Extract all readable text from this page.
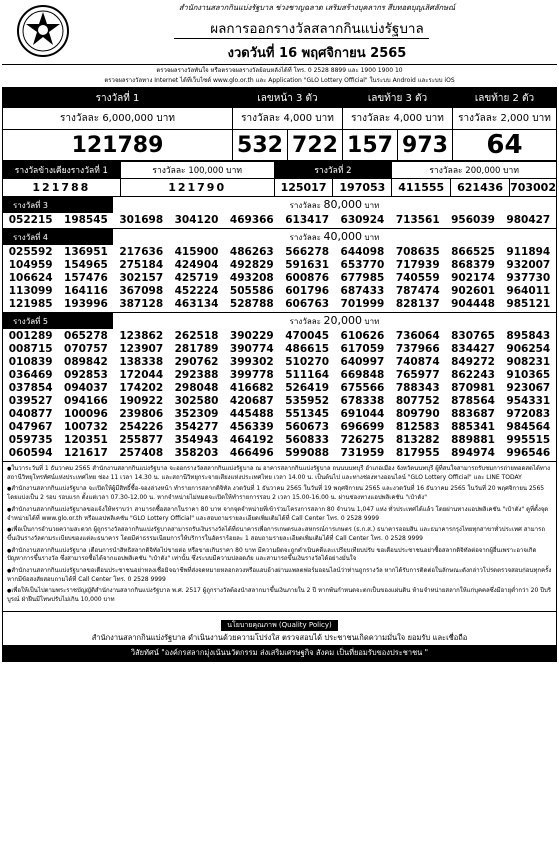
สำนักงานสลากกินแบ่งรัฐบาล ช่วงชาญฉลาด เสริมสร้างบุคลากร สืบทอดบุญเลิศลักษณ์
ผลการออกรางวัลสลากกินแบ่งรัฐบาล
งวดวันที่ 16 พฤศจิกายน 2565
ตรวจผลรางวัลทันใจ หรือตรวจผลรางวัลย้อนหลังได้ที่ โทร. 0 2528 8899 และ 1900 1900 10
ตรวจผลรางวัลทาง Internet ได้ที่เว็บไซต์ www.glo.or.th และ Application "GLO Lottery Official" ในระบบ Android และระบบ iOS
รางวัลที่ 1	เลขหน้า 3 ตัว		เลขท้าย 3 ตัว		เลขท้าย 2 ตัว
รางวัลละ 6,000,000 บาท	รางวัลละ 4,000 บาท		รางวัลละ 4,000 บาท		รางวัลละ 2,000 บาท
121789	532	722	157	973	64
รางวัลข้างเคียงรางวัลที่ 1	รางวัลละ 100,000 บาท	รางวัลที่ 2		รางวัลละ 200,000 บาท		
121788	121790	125017	197053	411555	621436	703002
รางวัลที่ 3	รางวัลละ 80,000 บาท
052215	198545	301698	304120	469366	613417	630924	713561	956039	980427
รางวัลที่ 4	รางวัลละ 40,000 บาท
025592	136951	217636	415900	486263	566278	644098	708635	866525	911894
104959	154965	275184	424904	492829	591631	653770	717939	868379	932007
106624	157476	302157	425719	493208	600876	677985	740559	902174	937730
113099	164116	367098	452224	505586	601796	687433	787474	902601	964011
121985	193996	387128	463134	528788	606763	701999	828137	904448	985121
รางวัลที่ 5	รางวัลละ 20,000 บาท
001289	065278	123862	262518	390229	470045	610626	736064	830765	895843
008715	070757	123907	281789	390774	486615	617059	737966	834427	906254
010839	089842	138338	290762	399302	510270	640997	740874	849272	908231
036469	092853	172044	292388	399778	511164	669848	765977	862243	910365
037854	094037	174202	298048	416682	526419	675566	788343	870981	923067
039527	094166	190922	302580	420687	535952	678338	807752	878564	954331
040877	100096	239806	352309	445488	551345	691044	809790	883687	972083
047967	100732	254226	354277	456339	560673	696699	812583	885341	984564
059735	120351	255877	354943	464192	560833	726275	813282	889881	995515
060594	121617	257408	358203	466496	599088	731959	817955	894974	996546

● ในวาระวันที่ 1 ธันวาคม 2565 สำนักงานสลากกินแบ่งรัฐบาล จะออกรางวัลสลากกินแบ่งรัฐบาล ณ อาคารสลากกินแบ่งรัฐบาล ถนนนนทบุรี อำเภอเมือง จังหวัดนนทบุรี ผู้ที่สนใจสามารถรับชมการถ่ายทอดสดได้ทางสถานีวิทยุโทรทัศน์แห่งประเทศไทย ช่อง 11 เวลา 14.30 น. และสถานีวิทยุกระจายเสียงแห่งประเทศไทย เวลา 14.00 น. เป็นต้นไป และทางช่องทางออนไลน์ "GLO Lottery Official" และ LINE TODAY

● สำนักงานสลากกินแบ่งรัฐบาล จะเปิดให้ผู้มีสิทธิ์ซื้อ-จองล่วงหน้า ทำรายการสลากดิจิทัล งวดวันที่ 1 ธันวาคม 2565 ในวันที่ 19 พฤศจิกายน 2565 และงวดวันที่ 16 ธันวาคม 2565 ในวันที่ 20 พฤศจิกายน 2565 โดยแบ่งเป็น 2 รอบ รอบแรก ตั้งแต่เวลา 07.30-12.00 น. หากจำหน่ายไม่หมดจะเปิดให้ทำรายการรอบ 2 เวลา 15.00-16.00 น. ผ่านช่องทางแอปพลิเคชัน "เป๋าตัง"

● สำนักงานสลากกินแบ่งรัฐบาลขอแจ้งให้ทราบว่า สามารถซื้อสลากในราคา 80 บาท จากจุดจำหน่ายที่เข้าร่วมโครงการสลาก 80 จำนวน 1,047 แห่ง ทั่วประเทศได้แล้ว โดยผ่านทางแอปพลิเคชัน "เป๋าตัง" ดูที่ตั้งจุดจำหน่ายได้ที่ www.glo.or.th หรือแอปพลิเคชัน "GLO Lottery Official" และสอบถามรายละเอียดเพิ่มเติมได้ที่ Call Center โทร. 0 2528 9999

● เพื่อเป็นการอำนวยความสะดวก ผู้ถูกรางวัลสลากกินแบ่งรัฐบาลสามารถรับเงินรางวัลได้ที่ธนาคารเพื่อการเกษตรและสหกรณ์การเกษตร (ธ.ก.ส.) ธนาคารออมสิน และธนาคารกรุงไทยทุกสาขาทั่วประเทศ สามารถขึ้นเงินรางวัลตามระเบียบของแต่ละธนาคาร โดยมีค่าธรรมเนียมการให้บริการในอัตราร้อยละ 1 สอบถามรายละเอียดเพิ่มเติมได้ที่ Call Center โทร. 0 2528 9999

● สำนักงานสลากกินแบ่งรัฐบาล เตือนการนำสิทธิสลากดิจิทัลไปขายต่อ หรือขายเกินราคา 80 บาท มีความผิดจะถูกดำเนินคดีและเปรียบเทียบปรับ ขอเตือนประชาชนอย่าซื้อสลากดิจิทัลต่อจากผู้อื่นเพราะอาจเกิดปัญหาการขึ้นรางวัล ซึ่งสามารถซื้อได้จากแอปพลิเคชัน "เป๋าตัง" เท่านั้น ซึ่งระบบมีความปลอดภัย และสามารถขึ้นเงินรางวัลได้อย่างมั่นใจ

● สำนักงานสลากกินแบ่งรัฐบาลขอเตือนประชาชนอย่าหลงเชื่อมิจฉาชีพที่ส่งจดหมายหลอกลวงหรือแอบอ้างผ่านแพลตฟอร์มออนไลน์ว่าท่านถูกรางวัล หากได้รับการติดต่อในลักษณะดังกล่าวโปรดตรวจสอบก่อนทุกครั้ง หากมีข้อสงสัยสอบถามได้ที่ Call Center โทร. 0 2528 9999

● เพื่อให้เป็นไปตามพระราชบัญญัติสำนักงานสลากกินแบ่งรัฐบาล พ.ศ. 2517 ผู้ถูกรางวัลต้องนำสลากมาขึ้นเงินภายใน 2 ปี หากพ้นกำหนดจะตกเป็นของแผ่นดิน ห้ามจำหน่ายสลากให้แก่บุคคลซึ่งมีอายุต่ำกว่า 20 ปีบริบูรณ์ ฝ่าฝืนมีโทษปรับไม่เกิน 10,000 บาท

นโยบายคุณภาพ (Quality Policy)
สำนักงานสลากกินแบ่งรัฐบาล ดำเนินงานด้วยความโปร่งใส ตรวจสอบได้ ประชาชนเกิดความมั่นใจ ยอมรับ และเชื่อถือ
วิสัยทัศน์ "องค์กรสลากมุ่งเน้นนวัตกรรม ส่งเสริมเศรษฐกิจ สังคม เป็นที่ยอมรับของประชาชน "
